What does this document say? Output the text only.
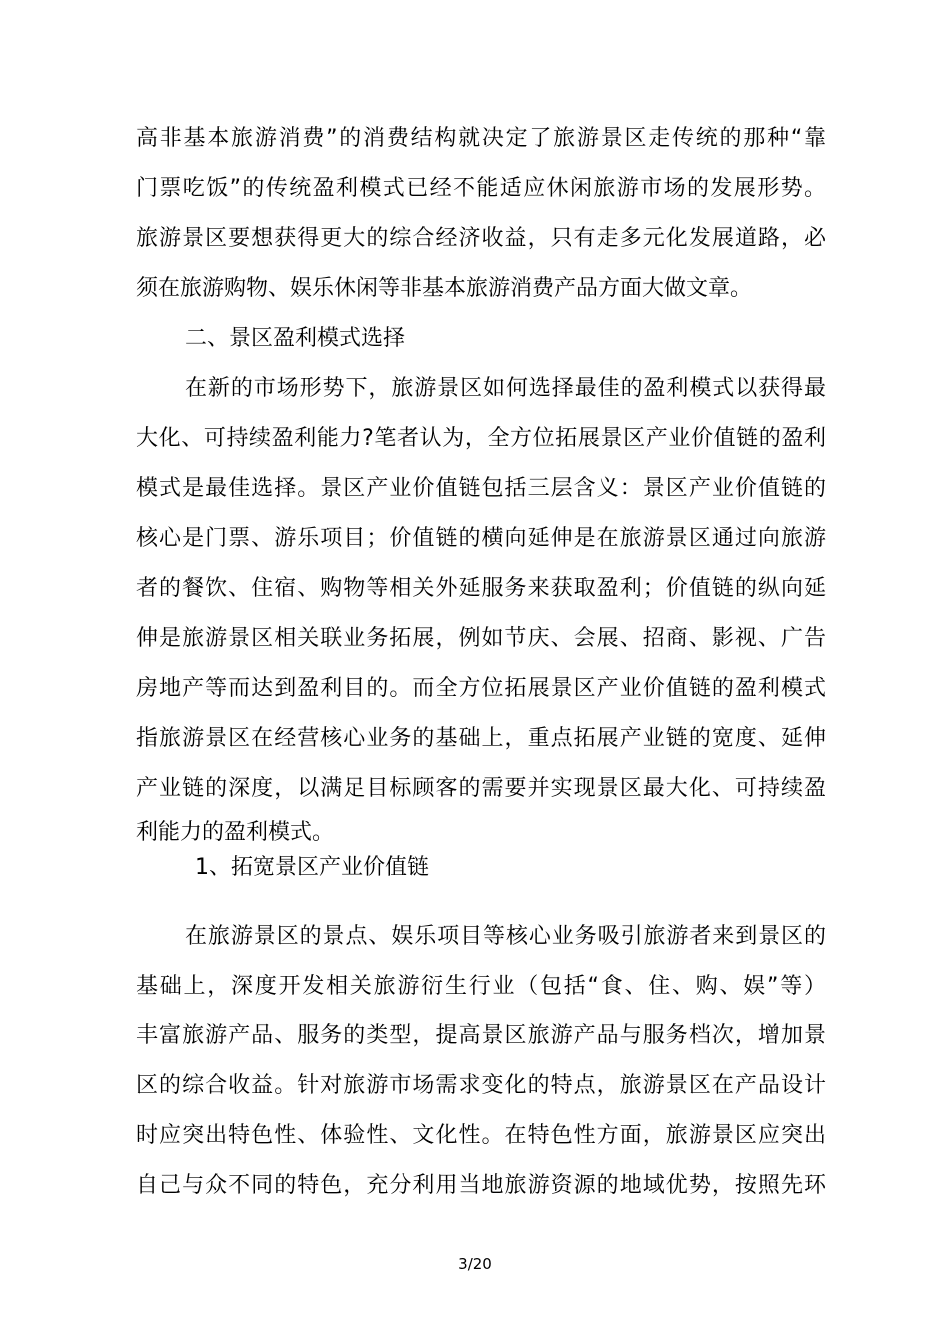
高非基本旅游消费”的消费结构就决定了旅游景区走传统的那种“靠
门票吃饭”的传统盈利模式已经不能适应休闲旅游市场的发展形势。
旅游景区要想获得更大的综合经济收益，只有走多元化发展道路，必
须在旅游购物、娱乐休闲等非基本旅游消费产品方面大做文章。
二、景区盈利模式选择
在新的市场形势下，旅游景区如何选择最佳的盈利模式以获得最
大化、可持续盈利能力?笔者认为，全方位拓展景区产业价值链的盈利
模式是最佳选择。景区产业价值链包括三层含义：景区产业价值链的
核心是门票、游乐项目；价值链的横向延伸是在旅游景区通过向旅游
者的餐饮、住宿、购物等相关外延服务来获取盈利；价值链的纵向延
伸是旅游景区相关联业务拓展，例如节庆、会展、招商、影视、广告
房地产等而达到盈利目的。而全方位拓展景区产业价值链的盈利模式
指旅游景区在经营核心业务的基础上，重点拓展产业链的宽度、延伸
产业链的深度，以满足目标顾客的需要并实现景区最大化、可持续盈
利能力的盈利模式。
1、拓宽景区产业价值链
在旅游景区的景点、娱乐项目等核心业务吸引旅游者来到景区的
基础上，深度开发相关旅游衍生行业（包括“食、住、购、娱”等）
丰富旅游产品、服务的类型，提高景区旅游产品与服务档次，增加景
区的综合收益。针对旅游市场需求变化的特点，旅游景区在产品设计
时应突出特色性、体验性、文化性。在特色性方面，旅游景区应突出
自己与众不同的特色，充分利用当地旅游资源的地域优势，按照先环
3/20
